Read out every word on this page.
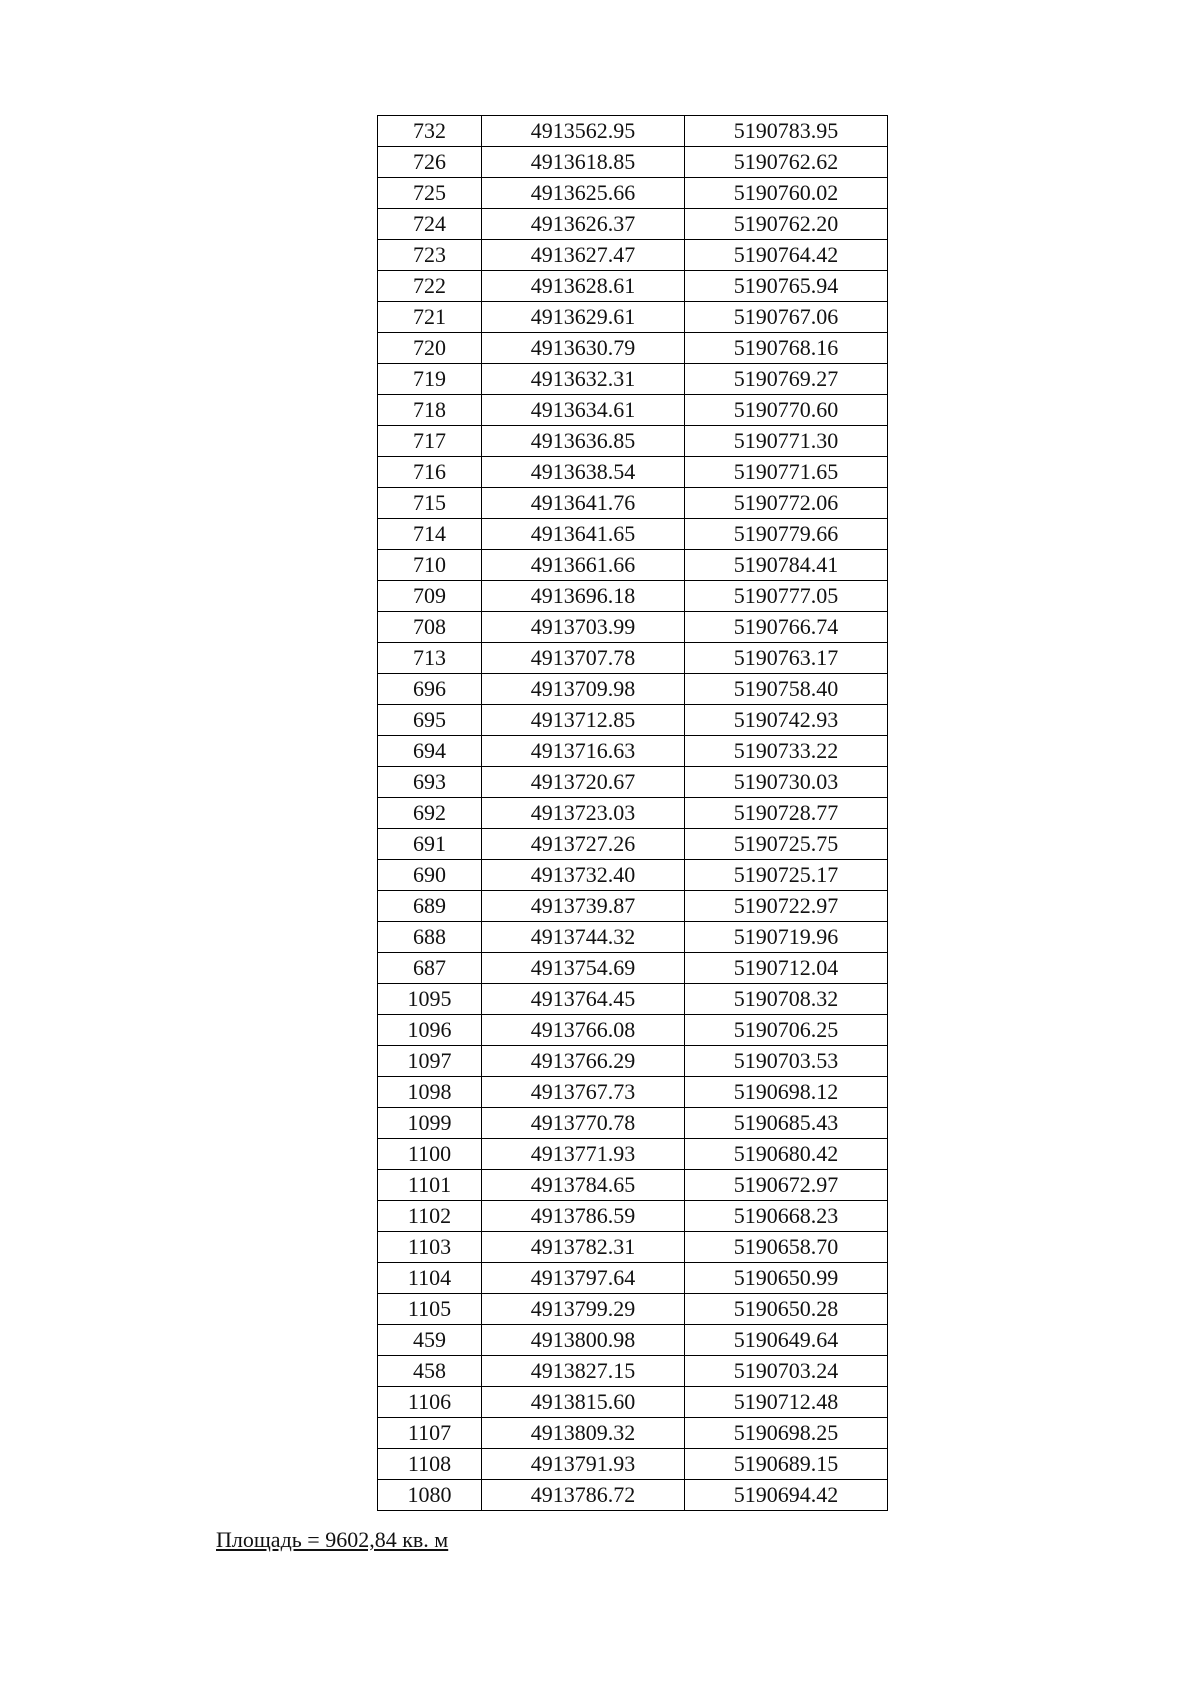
732	4913562.95	5190783.95
726	4913618.85	5190762.62
725	4913625.66	5190760.02
724	4913626.37	5190762.20
723	4913627.47	5190764.42
722	4913628.61	5190765.94
721	4913629.61	5190767.06
720	4913630.79	5190768.16
719	4913632.31	5190769.27
718	4913634.61	5190770.60
717	4913636.85	5190771.30
716	4913638.54	5190771.65
715	4913641.76	5190772.06
714	4913641.65	5190779.66
710	4913661.66	5190784.41
709	4913696.18	5190777.05
708	4913703.99	5190766.74
713	4913707.78	5190763.17
696	4913709.98	5190758.40
695	4913712.85	5190742.93
694	4913716.63	5190733.22
693	4913720.67	5190730.03
692	4913723.03	5190728.77
691	4913727.26	5190725.75
690	4913732.40	5190725.17
689	4913739.87	5190722.97
688	4913744.32	5190719.96
687	4913754.69	5190712.04
1095	4913764.45	5190708.32
1096	4913766.08	5190706.25
1097	4913766.29	5190703.53
1098	4913767.73	5190698.12
1099	4913770.78	5190685.43
1100	4913771.93	5190680.42
1101	4913784.65	5190672.97
1102	4913786.59	5190668.23
1103	4913782.31	5190658.70
1104	4913797.64	5190650.99
1105	4913799.29	5190650.28
459	4913800.98	5190649.64
458	4913827.15	5190703.24
1106	4913815.60	5190712.48
1107	4913809.32	5190698.25
1108	4913791.93	5190689.15
1080	4913786.72	5190694.42
Площадь = 9602,84 кв. м
